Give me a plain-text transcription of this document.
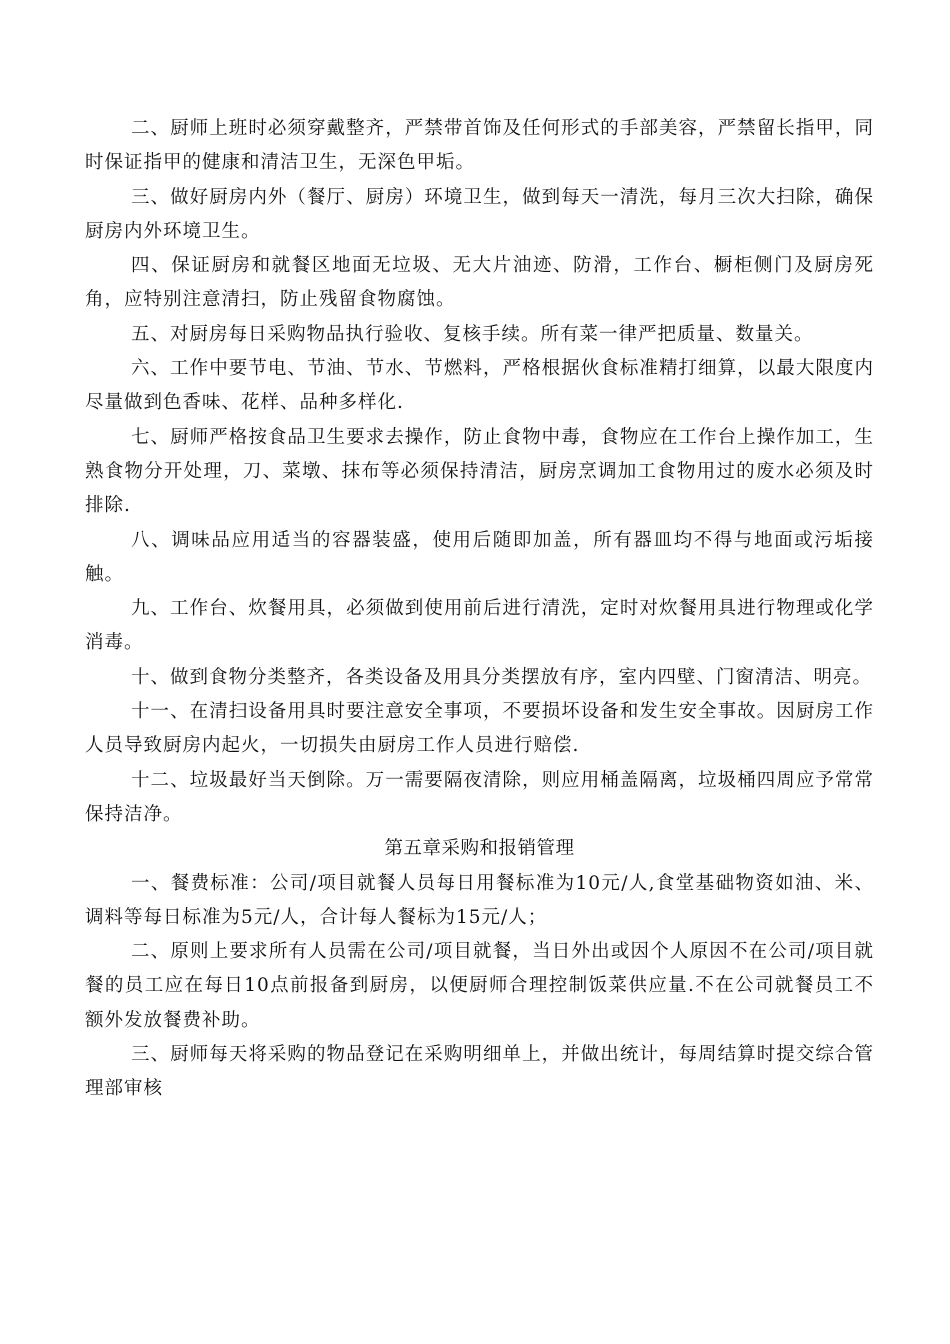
二、厨师上班时必须穿戴整齐，严禁带首饰及任何形式的手部美容，严禁留长指甲，同时保证指甲的健康和清洁卫生，无深色甲垢。

三、做好厨房内外（餐厅、厨房）环境卫生，做到每天一清洗，每月三次大扫除，确保厨房内外环境卫生。

四、保证厨房和就餐区地面无垃圾、无大片油迹、防滑，工作台、橱柜侧门及厨房死角，应特别注意清扫，防止残留食物腐蚀。

五、对厨房每日采购物品执行验收、复核手续。所有菜一律严把质量、数量关。

六、工作中要节电、节油、节水、节燃料，严格根据伙食标准精打细算，以最大限度内尽量做到色香味、花样、品种多样化.

七、厨师严格按食品卫生要求去操作，防止食物中毒，食物应在工作台上操作加工，生熟食物分开处理，刀、菜墩、抹布等必须保持清洁，厨房烹调加工食物用过的废水必须及时排除.

八、调味品应用适当的容器装盛，使用后随即加盖，所有器皿均不得与地面或污垢接触。

九、工作台、炊餐用具，必须做到使用前后进行清洗，定时对炊餐用具进行物理或化学消毒。

十、做到食物分类整齐，各类设备及用具分类摆放有序，室内四壁、门窗清洁、明亮。

十一、在清扫设备用具时要注意安全事项，不要损坏设备和发生安全事故。因厨房工作人员导致厨房内起火，一切损失由厨房工作人员进行赔偿.

十二、垃圾最好当天倒除。万一需要隔夜清除，则应用桶盖隔离，垃圾桶四周应予常常保持洁净。

第五章采购和报销管理

一、餐费标准：公司/项目就餐人员每日用餐标准为10元/人,食堂基础物资如油、米、调料等每日标准为5元/人，合计每人餐标为15元/人；

二、原则上要求所有人员需在公司/项目就餐，当日外出或因个人原因不在公司/项目就餐的员工应在每日10点前报备到厨房，以便厨师合理控制饭菜供应量.不在公司就餐员工不额外发放餐费补助。

三、厨师每天将采购的物品登记在采购明细单上，并做出统计，每周结算时提交综合管理部审核
